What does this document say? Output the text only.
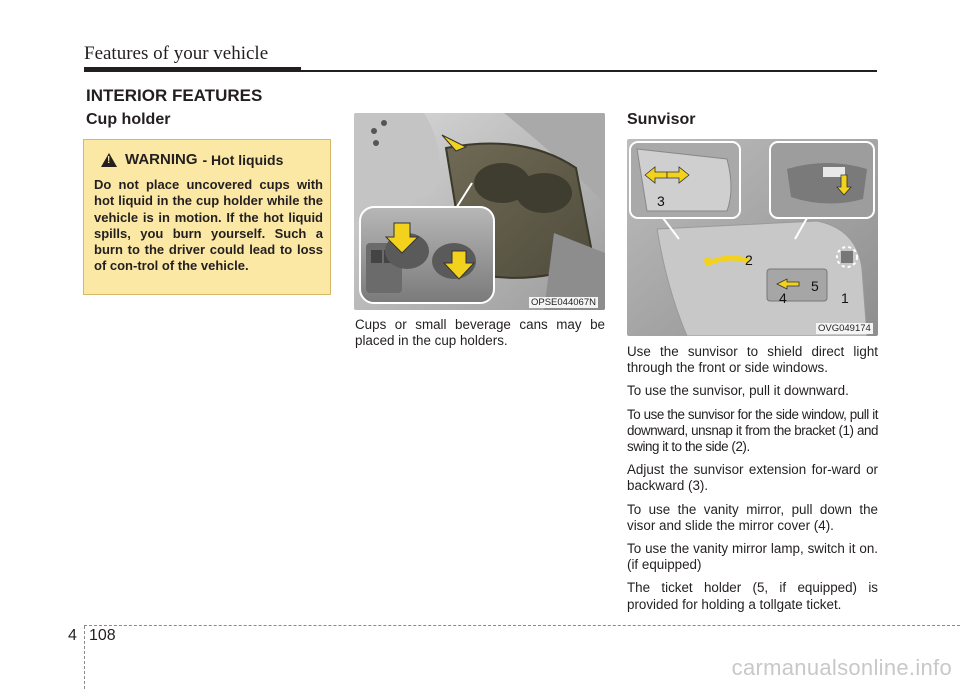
Features of your vehicle
INTERIOR FEATURES
Cup holder
!
WARNING - Hot liquids
Do not place uncovered cups with hot liquid in the cup holder while the vehicle is in motion. If the hot liquid spills, you burn yourself. Such a burn to the driver could lead to loss of con-trol of the vehicle.
OPSE044067N

Cups or small beverage cans may be placed in the cup holders.

Sunvisor
3
2
4
5
1
OVG049174

Use the sunvisor to shield direct light through the front or side windows.

To use the sunvisor, pull it downward.

To use the sunvisor for the side window, pull it downward, unsnap it from the bracket (1) and swing it to the side (2).

Adjust the sunvisor extension for-ward or backward (3).

To use the vanity mirror, pull down the visor and slide the mirror cover (4).

To use the vanity mirror lamp, switch it on. (if equipped)

The ticket holder (5, if equipped) is provided for holding a tollgate ticket.

4 108
carmanualsonline.info
